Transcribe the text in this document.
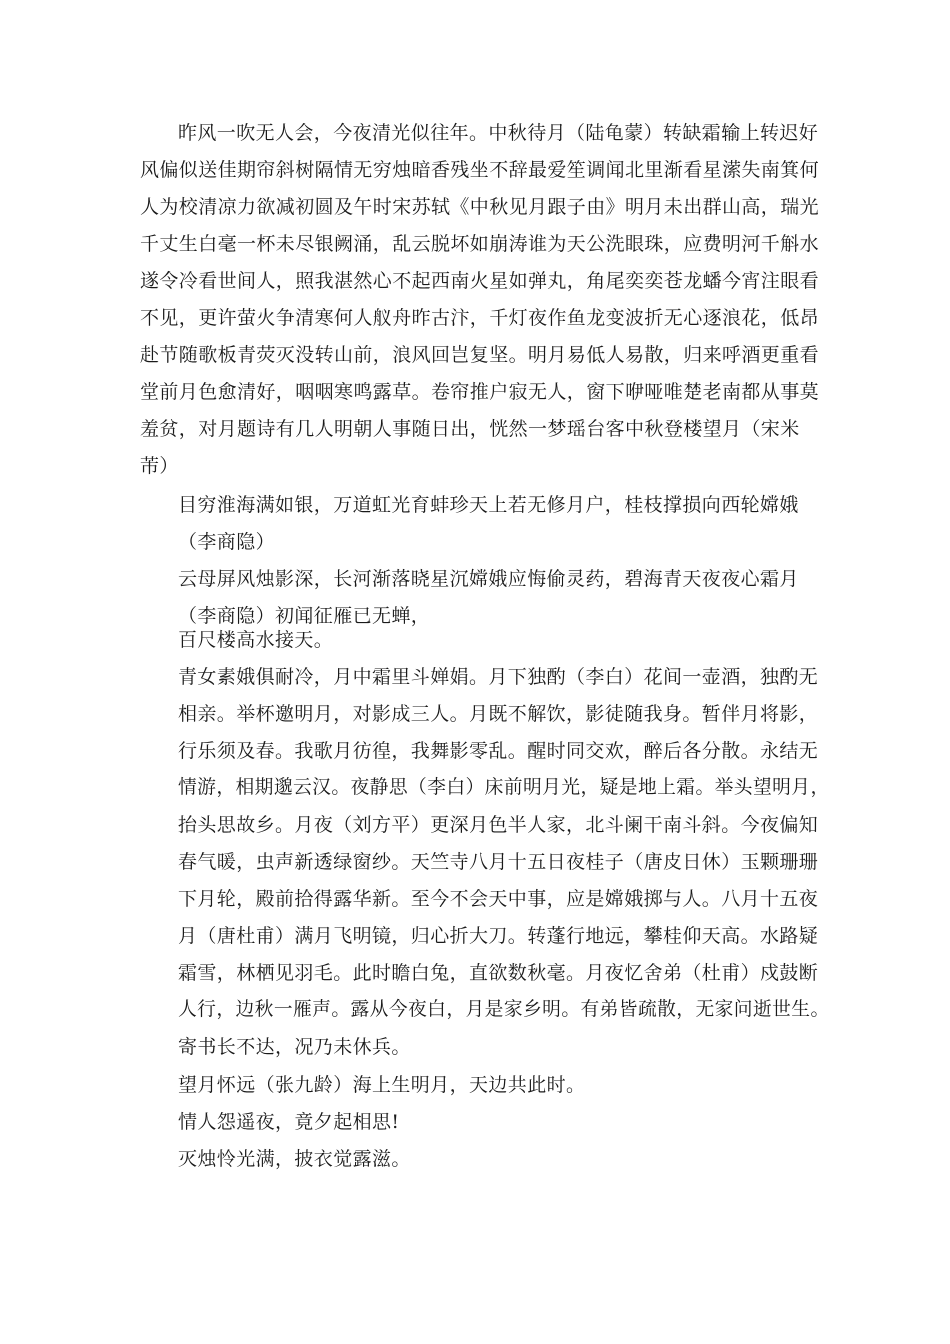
昨风一吹无人会，今夜清光似往年。中秋待月（陆龟蒙）转缺霜输上转迟好
风偏似送佳期帘斜树隔情无穷烛暗香残坐不辞最爱笙调闻北里渐看星潆失南箕何
人为校清凉力欲减初圆及午时宋苏轼《中秋见月跟子由》明月未出群山高，瑞光
千丈生白毫一杯未尽银阙涌，乱云脱坏如崩涛谁为天公洗眼珠，应费明河千斛水
遂令冷看世间人，照我湛然心不起西南火星如弹丸，角尾奕奕苍龙蟠今宵注眼看
不见，更许萤火争清寒何人舣舟昨古汴，千灯夜作鱼龙变波折无心逐浪花，低昂
赴节随歌板青荧灭没转山前，浪风回岂复坚。明月易低人易散，归来呼酒更重看
堂前月色愈清好，咽咽寒鸣露草。卷帘推户寂无人，窗下咿哑唯楚老南都从事莫
羞贫，对月题诗有几人明朝人事随日出，恍然一梦瑶台客中秋登楼望月（宋米
芾）
目穷淮海满如银，万道虹光育蚌珍天上若无修月户，桂枝撑损向西轮嫦娥
（李商隐）
云母屏风烛影深，长河渐落晓星沉嫦娥应悔偷灵药，碧海青天夜夜心霜月
（李商隐）初闻征雁已无蝉，
百尺楼高水接天。
青女素娥俱耐冷，月中霜里斗婵娟。月下独酌（李白）花间一壶酒，独酌无
相亲。举杯邀明月，对影成三人。月既不解饮，影徒随我身。暂伴月将影，
行乐须及春。我歌月彷徨，我舞影零乱。醒时同交欢，醉后各分散。永结无
情游，相期邈云汉。夜静思（李白）床前明月光，疑是地上霜。举头望明月，
抬头思故乡。月夜（刘方平）更深月色半人家，北斗阑干南斗斜。今夜偏知
春气暖，虫声新透绿窗纱。天竺寺八月十五日夜桂子（唐皮日休）玉颗珊珊
下月轮，殿前拾得露华新。至今不会天中事，应是嫦娥掷与人。八月十五夜
月（唐杜甫）满月飞明镜，归心折大刀。转蓬行地远，攀桂仰天高。水路疑
霜雪，林栖见羽毛。此时瞻白兔，直欲数秋毫。月夜忆舍弟（杜甫）戍鼓断
人行，边秋一雁声。露从今夜白，月是家乡明。有弟皆疏散，无家问逝世生。
寄书长不达，况乃未休兵。
望月怀远（张九龄）海上生明月，天边共此时。
情人怨遥夜，竟夕起相思!
灭烛怜光满，披衣觉露滋。
